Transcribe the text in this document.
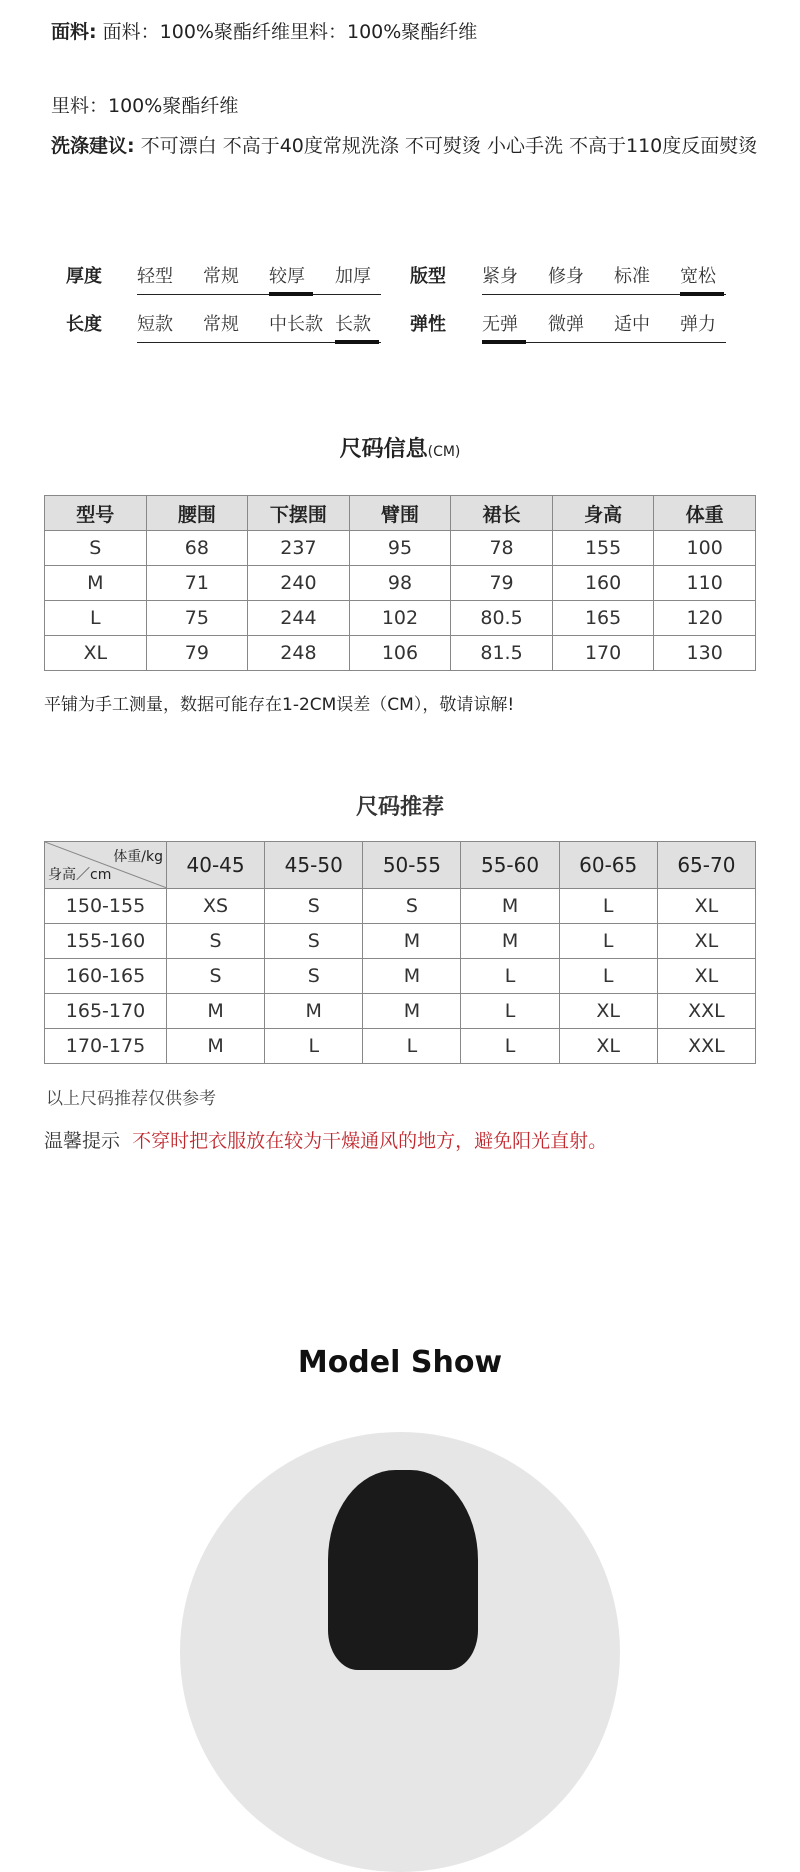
面料: 面料：100%聚酯纤维里料：100%聚酯纤维
里料：100%聚酯纤维
洗涤建议: 不可漂白 不高于40度常规洗涤 不可熨烫 小心手洗 不高于110度反面熨烫
厚度 轻型	常规	较厚	加厚	版型 紧身	修身	标准	宽松
长度 短款	常规	中长款 长款	弹性 无弹	微弹	适中	弹力
尺码信息(CM)
型号	腰围	下摆围	臂围	裙长	身高	体重
S	68	237	95	78	155	100
M	71	240	98	79	160	110
L	75	244	102	80.5	165	120
XL	79	248	106	81.5	170	130
平铺为手工测量，数据可能存在1-2CM误差（CM），敬请谅解!
尺码推荐
体重/kg
身高／cm	40-45	45-50	50-55	55-60	60-65	65-70
150-155	XS	S	S	M	L	XL
155-160	S	S	M	M	L	XL
160-165	S	S	M	L	L	XL
165-170	M	M	M	L	XL	XXL
170-175	M	L	L	L	XL	XXL
以上尺码推荐仅供参考
温馨提示 不穿时把衣服放在较为干燥通风的地方，避免阳光直射。
Model Show
